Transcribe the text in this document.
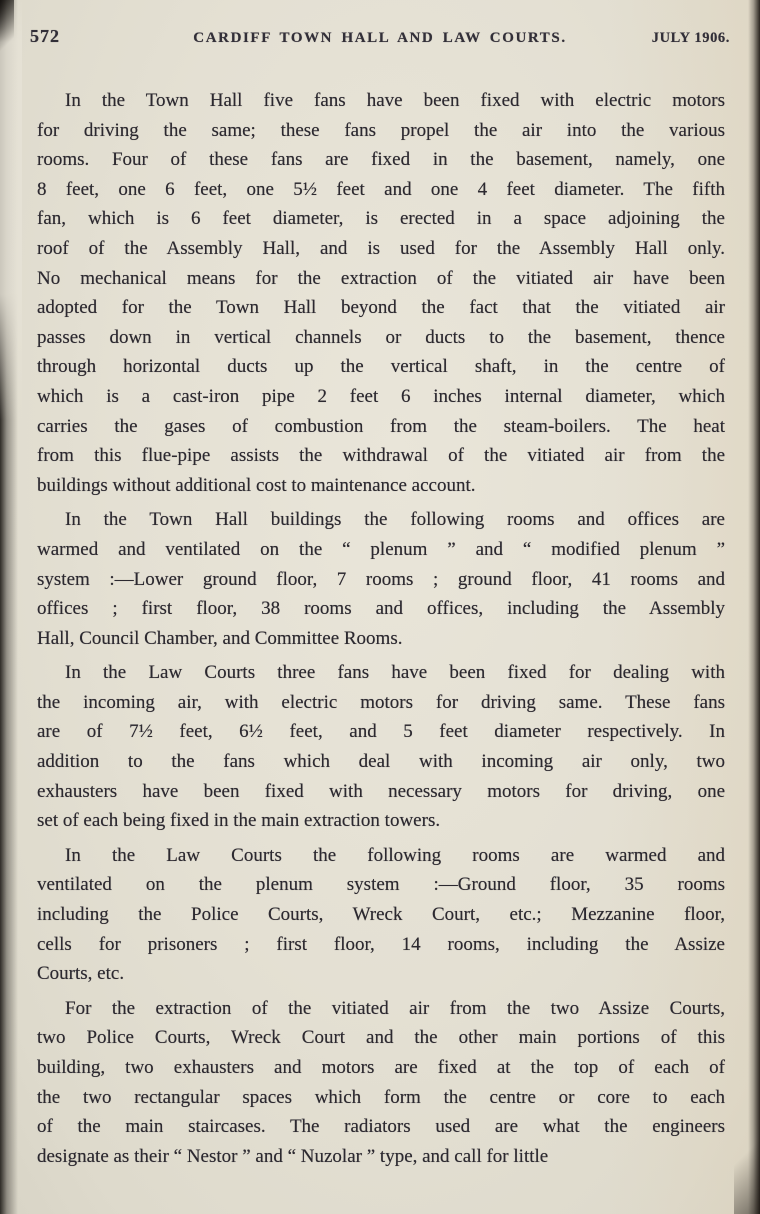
572	CARDIFF TOWN HALL AND LAW COURTS.	JULY 1906.
In the Town Hall five fans have been fixed with electric motors
for driving the same; these fans propel the air into the various
rooms. Four of these fans are fixed in the basement, namely, one
8 feet, one 6 feet, one 5½ feet and one 4 feet diameter. The fifth
fan, which is 6 feet diameter, is erected in a space adjoining the
roof of the Assembly Hall, and is used for the Assembly Hall only.
No mechanical means for the extraction of the vitiated air have been
adopted for the Town Hall beyond the fact that the vitiated air
passes down in vertical channels or ducts to the basement, thence
through horizontal ducts up the vertical shaft, in the centre of
which is a cast-iron pipe 2 feet 6 inches internal diameter, which
carries the gases of combustion from the steam-boilers. The heat
from this flue-pipe assists the withdrawal of the vitiated air from the
buildings without additional cost to maintenance account.
In the Town Hall buildings the following rooms and offices are
warmed and ventilated on the “ plenum ” and “ modified plenum ”
system :—Lower ground floor, 7 rooms ; ground floor, 41 rooms and
offices ; first floor, 38 rooms and offices, including the Assembly
Hall, Council Chamber, and Committee Rooms.
In the Law Courts three fans have been fixed for dealing with
the incoming air, with electric motors for driving same. These fans
are of 7½ feet, 6½ feet, and 5 feet diameter respectively. In
addition to the fans which deal with incoming air only, two
exhausters have been fixed with necessary motors for driving, one
set of each being fixed in the main extraction towers.
In the Law Courts the following rooms are warmed and
ventilated on the plenum system :—Ground floor, 35 rooms
including the Police Courts, Wreck Court, etc.; Mezzanine floor,
cells for prisoners ; first floor, 14 rooms, including the Assize
Courts, etc.
For the extraction of the vitiated air from the two Assize Courts,
two Police Courts, Wreck Court and the other main portions of this
building, two exhausters and motors are fixed at the top of each of
the two rectangular spaces which form the centre or core to each
of the main staircases. The radiators used are what the engineers
designate as their “ Nestor ” and “ Nuzolar ” type, and call for little
